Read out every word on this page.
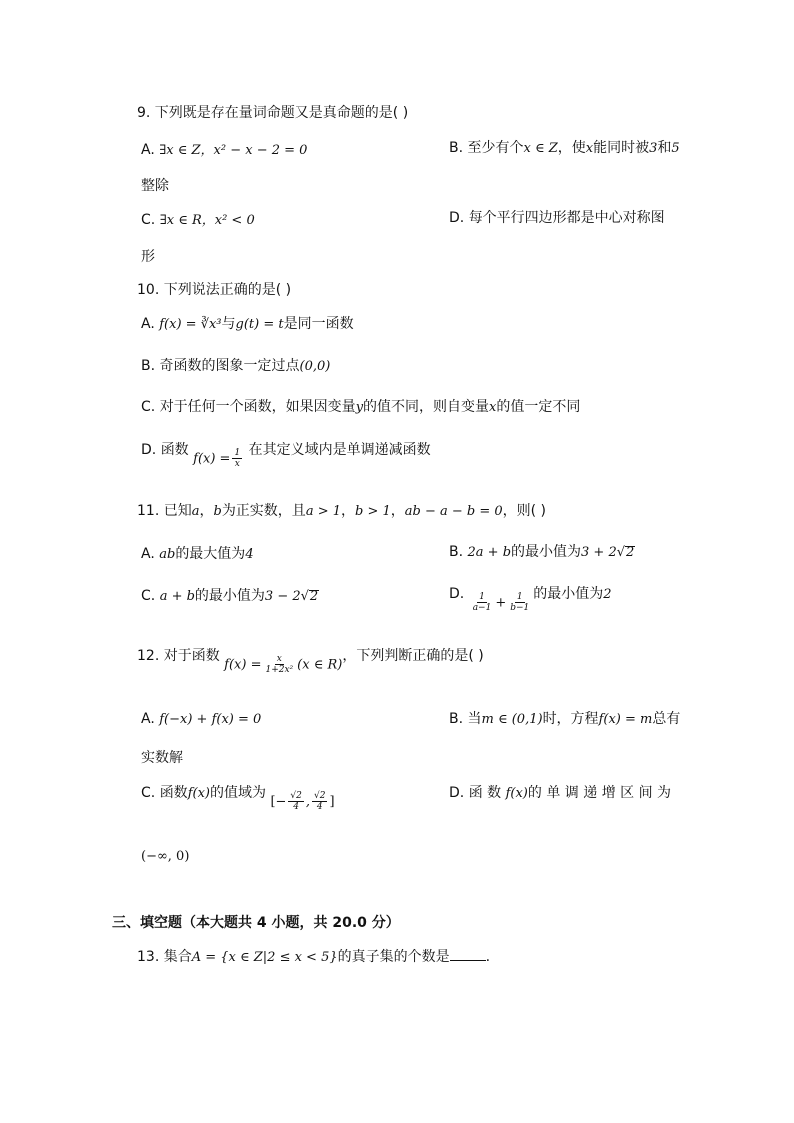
9. 下列既是存在量词命题又是真命题的是( )
A. ∃x ∈ Z，x² − x − 2 = 0	B. 至少有个x ∈ Z，使x能同时被3和5
整除
C. ∃x ∈ R，x² < 0	D. 每个平行四边形都是中心对称图
形
10. 下列说法正确的是( )
A. f(x) = ∛x³与g(t) = t是同一函数
B. 奇函数的图象一定过点(0,0)
C. 对于任何一个函数，如果因变量y的值不同，则自变量x的值一定不同
D. 函数 $f(x) = \frac{1}{x}$ 在其定义域内是单调递减函数
11. 已知a，b为正实数，且a > 1，b > 1，ab − a − b = 0，则( )
A. ab的最大值为4	B. 2a + b的最小值为3 + 2√2
C. a + b的最小值为3 − 2√2	D. $\frac{1}{a-1} + \frac{1}{b-1}$ 的最小值为2
12. 对于函数 $f(x) = \frac{x}{\text{1+2x²}} (x$ ∈ R)，下列判断正确的是( )
A. f(−x) + f(x) = 0	B. 当m ∈ (0,1)时，方程f(x) = m总有
实数解
C. 函数f(x)的值域为 [− $\frac{√2}{4}$ , $\frac{√2}{4}$ ]
D. 函 数 f(x)的 单 调 递 增 区 间 为
(−∞, 0)
三、填空题（本大题共 4 小题，共 20.0 分）
13. 集合A = {x ∈ Z|2 ≤ x < 5}的真子集的个数是	.
